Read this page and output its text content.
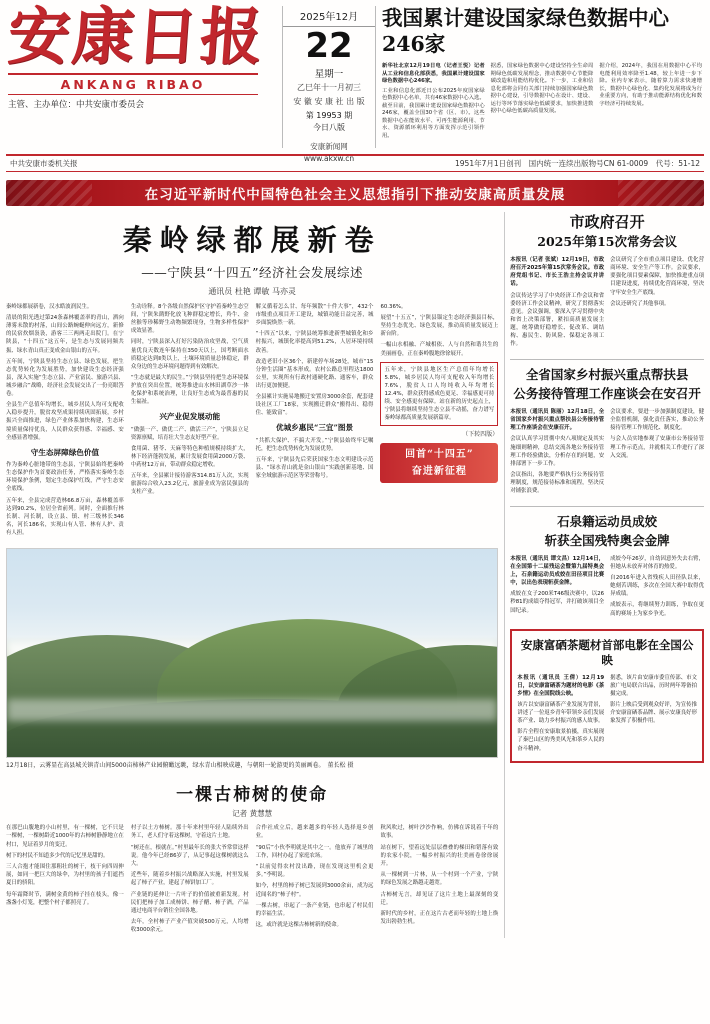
安康日报
ANKANG RIBAO
主管、主办单位：中共安康市委员会
2025年12月
22
星期一
乙巳年十一月初三
安 徽 安 康 社 出 版
第 19953 期
今日八版
安康新闻网
www.akxw.cn
我国累计建设国家绿色数据中心246家

新华社北京12月19日电（记者王悦）记者从工业和信息化部获悉，我国累计建设国家绿色数据中心246家。

工业和信息化部近日公布2025年度国家绿色数据中心名单，共有46家数据中心入选。截至目前，我国累计建设国家绿色数据中心246家，覆盖全国30个省（区、市）。这些数据中心在能效水平、可再生能源利用、节水、资源循环利用等方面发挥示范引领作用。

据悉，国家绿色数据中心建设坚持全生命周期绿色低碳发展理念，推动数据中心节能降碳改造和用能结构优化。下一步，工业和信息化部将会同有关部门持续加强国家绿色数据中心建设，引导数据中心在设计、建设、运行等环节落实绿色低碳要求，加快推进数据中心绿色低碳高质量发展。

据介绍，2024年，我国在用数据中心平均电能利用效率降至1.48，较上年进一步下降。业内专家表示，随着算力需求快速增长，数据中心绿色化、集约化发展将成为行业重要方向，有助于推动能源结构优化和数字经济可持续发展。

中共安康市委机关报	1951年7月1日创刊　国内统一连续出版物号CN 61-0009　代号：51-12
在习近平新时代中国特色社会主义思想指引下推动安康高质量发展
秦岭绿都展新卷
——宁陕县“十四五”经济社会发展综述
通讯员 杜艳 谭敏 马亦灵

秦岭绿都展新卷，汉水皓波润民生。

清晨的阳光透过第24条森林覆盖率的青山，洒向薄雾未散的村落，山间公路蜿蜒伸向远方，新修的民宿炊烟袅袅，游客三三两两走出院门。在宁陕县，“十四五”这五年，是生态与发展同频共振、绿水青山真正变成金山银山的五年。

五年间，宁陕县坚持生态立县、绿色发展，把生态优势转化为发展胜势，加快建设生态经济强县，深入实施“生态立县、产业富民、旅游兴县、城乡融合”战略，经济社会发展交出了一份亮眼答卷。

全县生产总值年均增长，城乡居民人均可支配收入稳步提升，脱贫攻坚成果持续巩固拓展，乡村振兴全面推进，绿色产业体系加快构建，生态环境质量保持优良，人民群众获得感、幸福感、安全感显著增强。

守生态屏障绿色价值

作为秦岭心脏地带的生态县，宁陕县始终把秦岭生态保护作为首要政治任务，严格落实秦岭生态环境保护条例，划定生态保护红线，严守生态安全底线。

五年来，全县完成营造林66.8万亩，森林覆盖率达到90.2%，位居全省前列。同时，全面推行林长制、河长制，设立县、镇、村三级林长346名，河长186名，实现山有人管、林有人护、责有人担。

生动诠释。8个各级自然保护区守护着秦岭生态空间，宁陕朱鹮野化放飞种群稳定增长，羚牛、金丝猴等珍稀野生动物频繁现身，生物多样性保护成效显著。

同时，宁陕县深入打好污染防治攻坚战，空气质量优良天数连年保持在350天以上，国考断面水质稳定达到Ⅱ类以上，土壤环境质量总体稳定，群众身边的生态环境问题得到有效解决。

“生态就是最大的民生。”宁陕县坚持把生态环境保护放在突出位置，统筹推进山水林田湖草沙一体化保护和系统治理，让良好生态成为最普惠的民生福祉。

兴产业促发展动能

“做强一产、做优二产、做活三产”，宁陕县立足资源禀赋，培育壮大生态友好型产业。

食用菌、猪苓、天麻等特色种植规模持续扩大，林下经济蓬勃发展，累计发展食用菌2000万袋、中药材12万亩，带动群众稳定增收。

五年来，全县累计接待游客314.81万人次，实现旅游综合收入23.2亿元，旅游业成为富民强县的支柱产业。

解义循着怎么甘、每年频散“十件大事”，432个市级重点项目开工建设，城镇功能日益完善，城乡面貌焕然一新。

“十四五”以来，宁陕县统筹推进新型城镇化和乡村振兴，城镇化率提高到51.2%，人居环境持续改善。

改造老旧小区36个，新建停车场28处，城市“15分钟生活圈”基本形成。农村公路总里程达1800公里，实现所有行政村通硬化路、通客车，群众出行更加便捷。

全县累计实施易地搬迁安置房3000余套，配套建设社区工厂18家，实现搬迁群众“搬得出、稳得住、能致富”。

优城乡惠民“三宜”图景

“共抓大保护、不搞大开发。”宁陕县始终牢记嘱托，把生态优势转化为发展优势。

五年来，宁陕县先后荣获国家生态文明建设示范县、“绿水青山就是金山银山”实践创新基地、国家全域旅游示范区等荣誉称号。

60.36%。

展望“十五五”，宁陕县锚定生态经济强县目标，坚持生态优先、绿色发展，推动高质量发展迈上新台阶。

一幅山水相融、产城相依、人与自然和谐共生的美丽画卷，正在秦岭腹地徐徐展开。

五年来，宁陕县地区生产总值年均增长5.8%，城乡居民人均可支配收入年均增长7.6%，脱贫人口人均纯收入年均增长12.4%，群众获得感成色更足、幸福感更可持续、安全感更有保障。站在新的历史起点上，宁陕县将继续坚持生态立县不动摇，奋力谱写秦岭绿都高质量发展新篇章。
（下转四版）
回首“十四五”
奋进新征程
12月18日，云雾显在高县城关镇青山间5000亩柿林产业园俯瞰远眺，绿水青山相映成趣，与朝阳一轮游更的美丽画卷。　董长松 摄
一棵古柿树的使命
记者 黄慧慧

在那巴山腹地的小山村里，有一棵树，它不只是一棵树，一棵树龄近1000年的古柿树静静地立在村口，见证着岁月的变迁。

树下的村民不知道多少代的记忆里是甜的。

三人合抱才能围住那粗壮的树干，枝干向四周伸展，如同一把巨大的绿伞，为村里的孩子们遮挡夏日的骄阳。

每年霜降时节，满树金黄的柿子挂在枝头，像一盏盏小灯笼，把整个村子都照亮了。

村子以土方柿树。那十年来村里年轻人陆续外出务工，老人们守着这棵树，守着这片土地。

“树还在，根就在。”村里最年长的张大爷常常这样说。他今年已经86岁了，从记事起这棵树就这么大。

近些年，随着乡村振兴战略深入实施，村里发展起了柿子产业，建起了柿饼加工厂。

产业链的延伸让一片叶子的价值被重新发现。村民们把柿子加工成柿饼、柿子醋、柿子酒，产品通过电商平台销往全国各地。

去年，全村柿子产业产值突破500万元，人均增收3000余元。

合作社成立后，越来越多的年轻人选择返乡创业。

“90后”小伙李明就是其中之一。他放弃了城里的工作，回村办起了家庭农场。

“以前觉得农村没出路，现在发现这里机会更多。”李明说。

如今，村里的柿子树已发展到3000余亩，成为远近闻名的“柿子村”。

一棵古树，串起了一条产业链，也串起了村民们的幸福生活。

这，或许就是这棵古柿树新的使命。

秋风吹过，树叶沙沙作响，仿佛在诉说着千年的故事。

站在树下，望着远处层层叠叠的梯田和错落有致的农家小院，一幅乡村振兴的壮美画卷徐徐展开。

从一棵树到一片林，从一个村到一个产业，宁陕的绿色发展之路越走越宽。

古柿树无言，却见证了这片土地上最深刻的变迁。

新时代的乡村，正在这片古老而年轻的土地上焕发出勃勃生机。

市政府召开
2025年第15次常务会议

本报讯（记者 张斌）12月19日，市政府召开2025年第15次常务会议。市政府党组书记、市长王浩主持会议并讲话。

会议传达学习了中央经济工作会议和省委经济工作会议精神，研究了贯彻落实意见。会议强调，要深入学习贯彻中央和省上决策部署，紧扣高质量发展主题，统筹做好稳增长、促改革、调结构、惠民生、防风险、保稳定各项工作。

会议研究了全市重点项目建设、优化营商环境、安全生产等工作。会议要求，要强化项目要素保障，加快推进重点项目建设进度，持续优化营商环境，坚决守牢安全生产底线。

会议还研究了其他事项。

全省国家乡村振兴重点帮扶县
公务接待管理工作座谈会在安召开

本报讯（通讯员 陈丽）12月18日，全省国家乡村振兴重点帮扶县公务接待管理工作座谈会在安康召开。

会议认真学习贯彻中央八项规定及其实施细则精神，总结交流各地公务接待管理工作经验做法，分析存在的问题，安排部署下一步工作。

会议指出，各地要严格执行公务接待管理制度，规范接待标准和流程，坚决反对铺张浪费。

会议要求，要进一步加强制度建设，健全监督机制，强化责任落实，推动公务接待管理工作规范化、制度化。

与会人员实地参观了安康市公务接待管理工作示范点，并就相关工作进行了深入交流。

石泉籍运动员成姣
斩获全国残特奥会金牌

本报讯（通讯员 谭文昌）12月14日，在全国第十二届残运会暨第九届特奥会上，石泉籍运动员成姣在田径项目比赛中，以出色表现斩获金牌。

成姣在女子200米T46级决赛中，以26秒81的成绩夺得冠军，并打破该项目全国纪录。

成姣今年26岁，自幼因意外失去右臂，但她从未放弃对体育的热爱。

自2016年进入省残疾人田径队以来，她刻苦训练，多次在全国大赛中取得优异成绩。

成姣表示，将继续努力训练，争取在更高的赛场上为家乡争光。

安康富硒茶题材首部电影在全国公映

本报讯（通讯员 王倩）12月19日，以安康富硒茶为题材的电影《茶乡情》在全国院线公映。

该片以安康富硒茶产业发展为背景，讲述了一位返乡青年带领乡亲们发展茶产业、助力乡村振兴的感人故事。

影片全程在安康取景拍摄，真实展现了秦巴山区的秀美风光和茶乡人民的奋斗精神。

据悉，该片由安康市委宣传部、市文旅广电局联合出品，历时两年筹备拍摄完成。

影片上映后受到观众好评，为宣传推介安康富硒茶品牌、展示安康良好形象发挥了积极作用。
